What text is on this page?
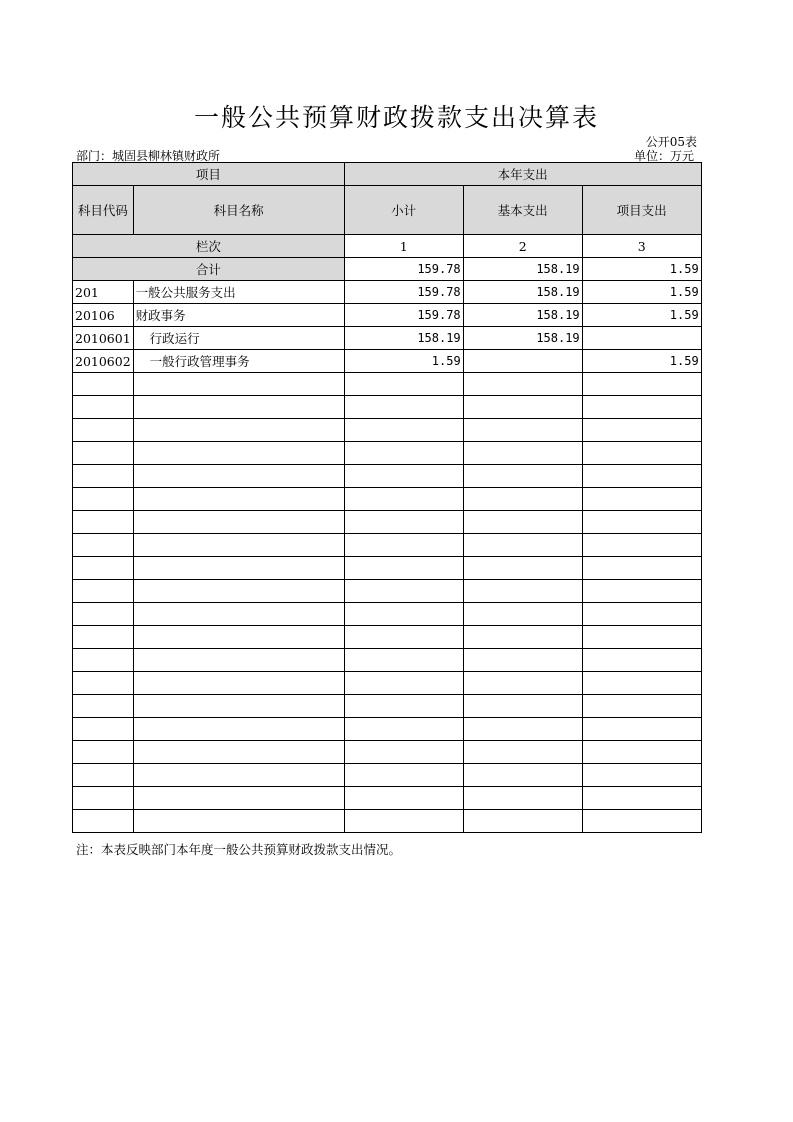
一般公共预算财政拨款支出决算表
公开05表
部门：城固县柳林镇财政所	单位：万元
项目		本年支出		
科目代码	科目名称	小计	基本支出	项目支出
栏次		1	2	3
合计		159.78	158.19	1.59
201	一般公共服务支出	159.78	158.19	1.59
20106	财政事务	159.78	158.19	1.59
2010601	行政运行	158.19	158.19	
2010602	一般行政管理事务	1.59		1.59

注：本表反映部门本年度一般公共预算财政拨款支出情况。
